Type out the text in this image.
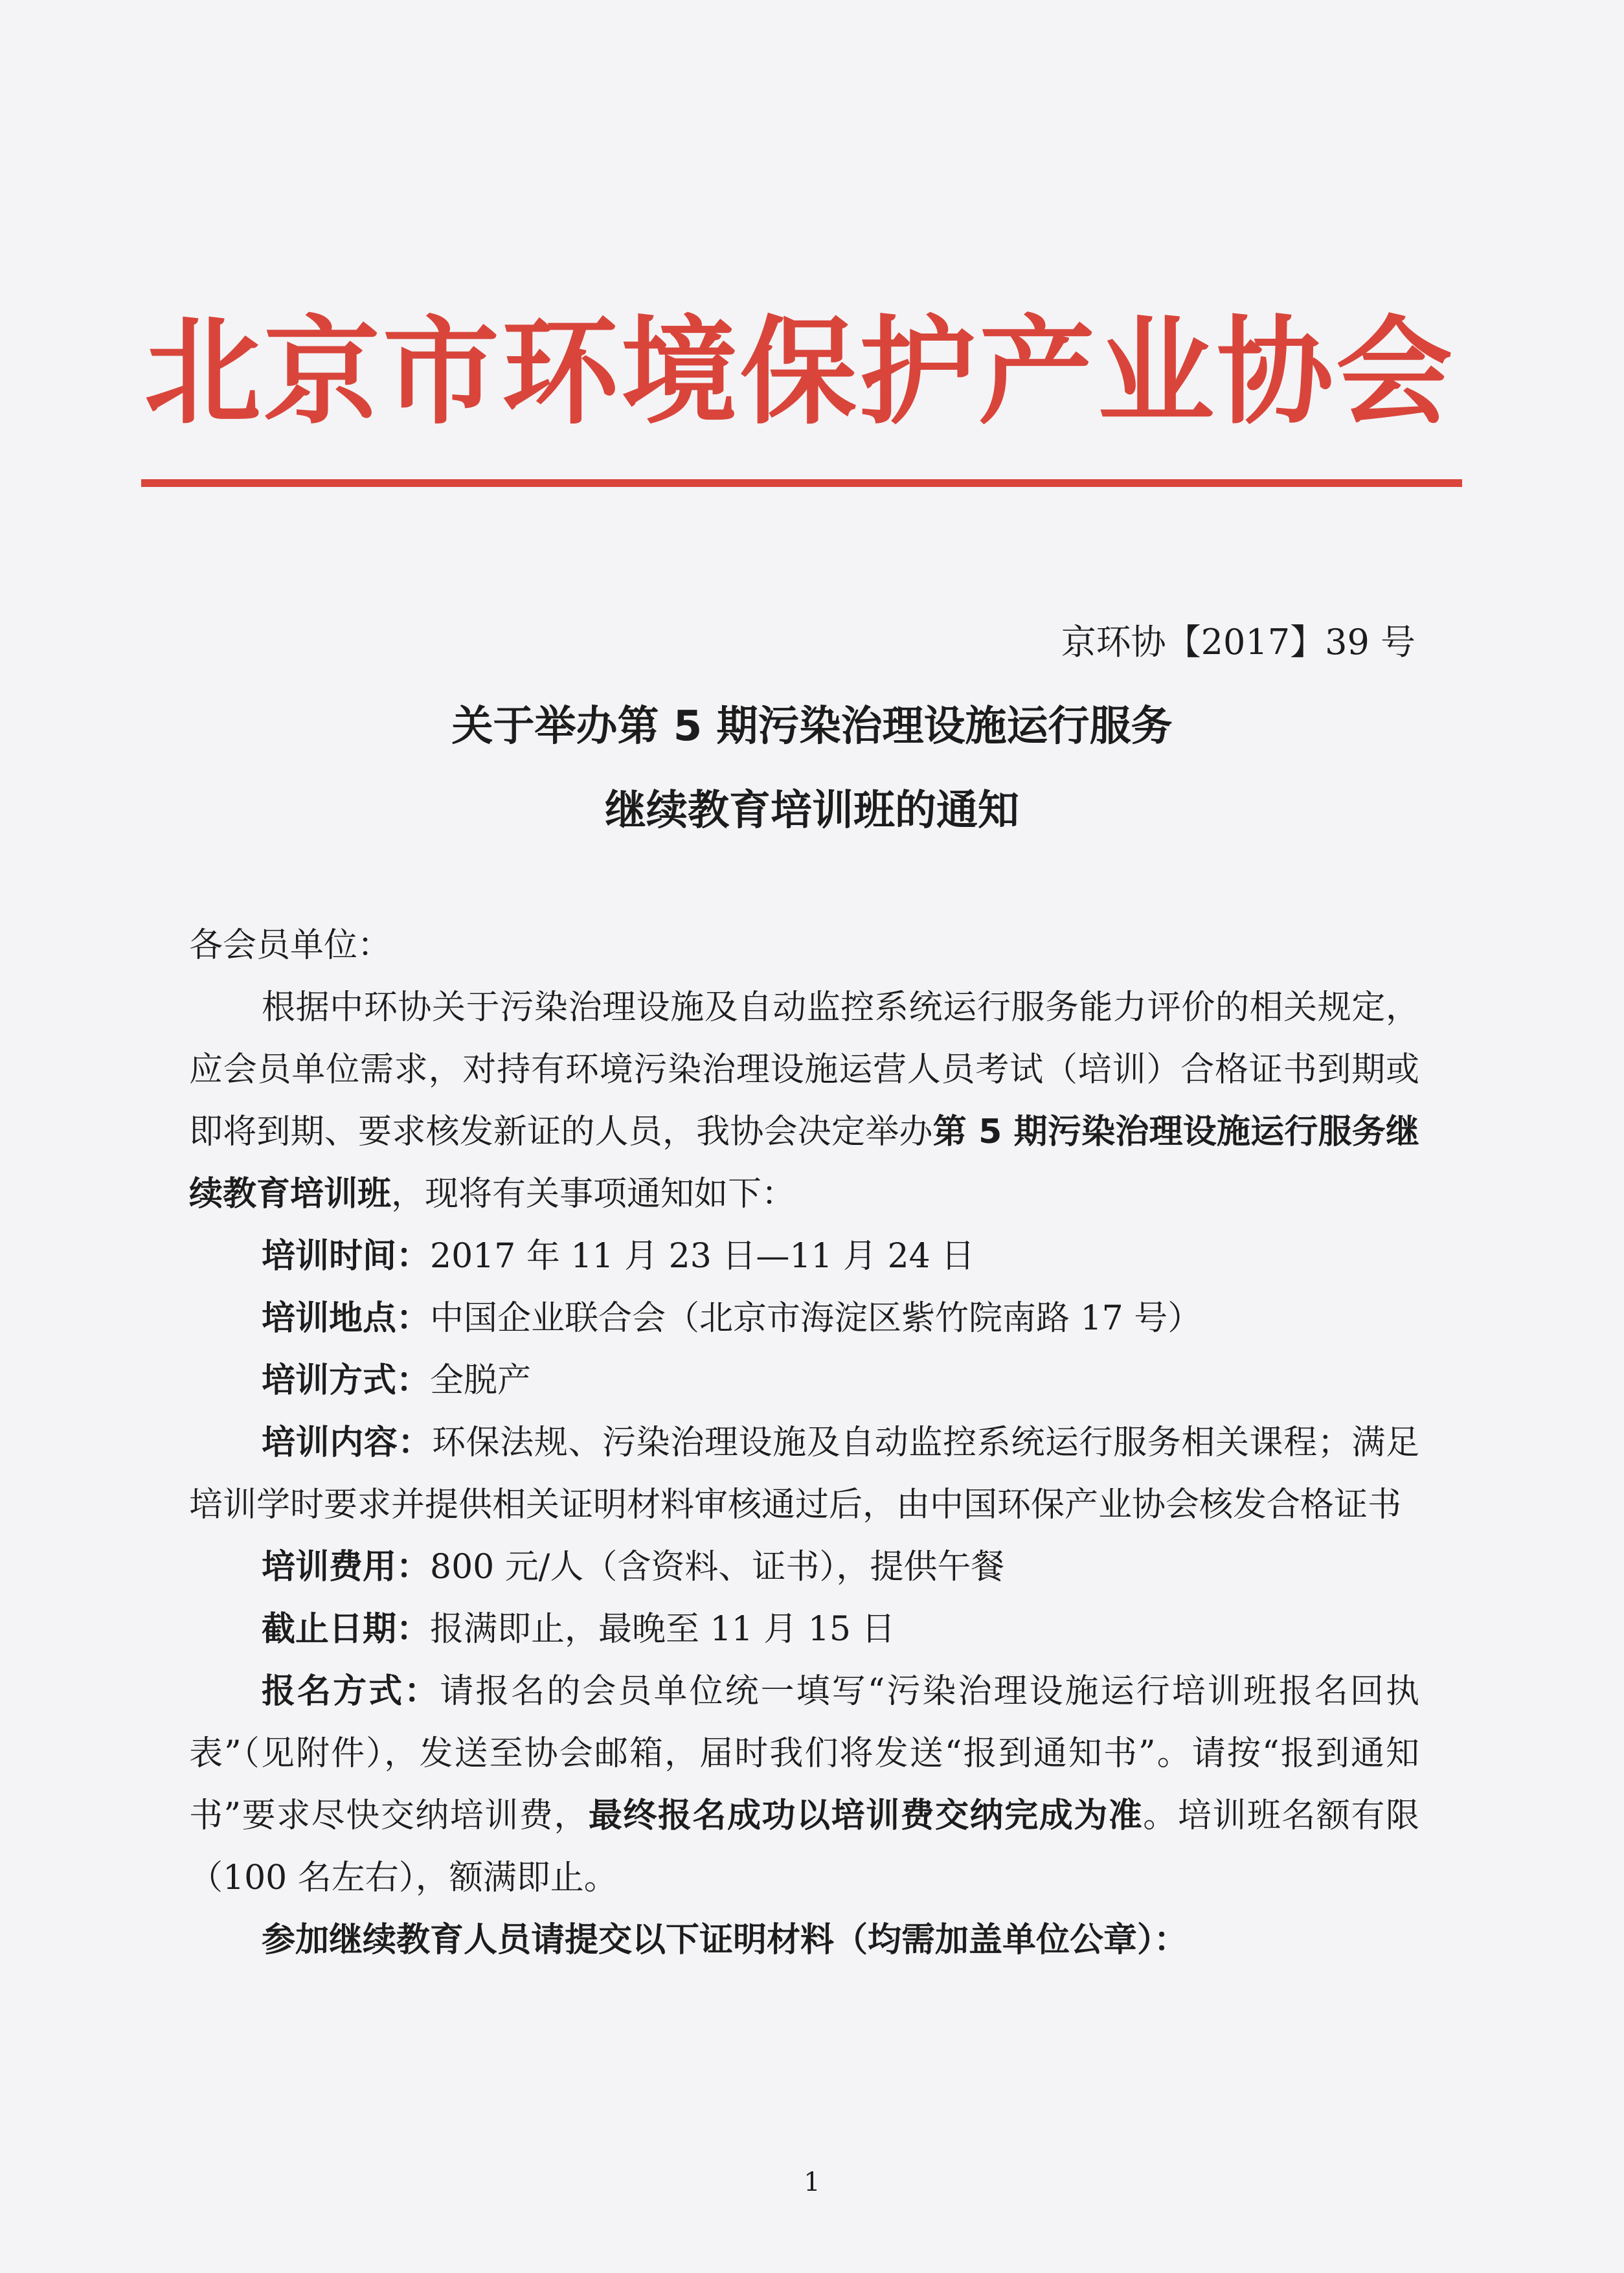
北京市环境保护产业协会
京环协【2017】39 号
关于举办第 5 期污染治理设施运行服务
继续教育培训班的通知

各会员单位：

根据中环协关于污染治理设施及自动监控系统运行服务能力评价的相关规定，应会员单位需求，对持有环境污染治理设施运营人员考试（培训）合格证书到期或即将到期、要求核发新证的人员，我协会决定举办第 5 期污染治理设施运行服务继续教育培训班，现将有关事项通知如下：

培训时间：2017 年 11 月 23 日—11 月 24 日

培训地点：中国企业联合会（北京市海淀区紫竹院南路 17 号）

培训方式：全脱产

培训内容：环保法规、污染治理设施及自动监控系统运行服务相关课程；满足培训学时要求并提供相关证明材料审核通过后，由中国环保产业协会核发合格证书

培训费用：800 元/人（含资料、证书），提供午餐

截止日期：报满即止，最晚至 11 月 15 日

报名方式：请报名的会员单位统一填写“污染治理设施运行培训班报名回执表”（见附件），发送至协会邮箱，届时我们将发送“报到通知书”。请按“报到通知书”要求尽快交纳培训费，最终报名成功以培训费交纳完成为准。培训班名额有限（100 名左右），额满即止。

参加继续教育人员请提交以下证明材料（均需加盖单位公章）：

1
